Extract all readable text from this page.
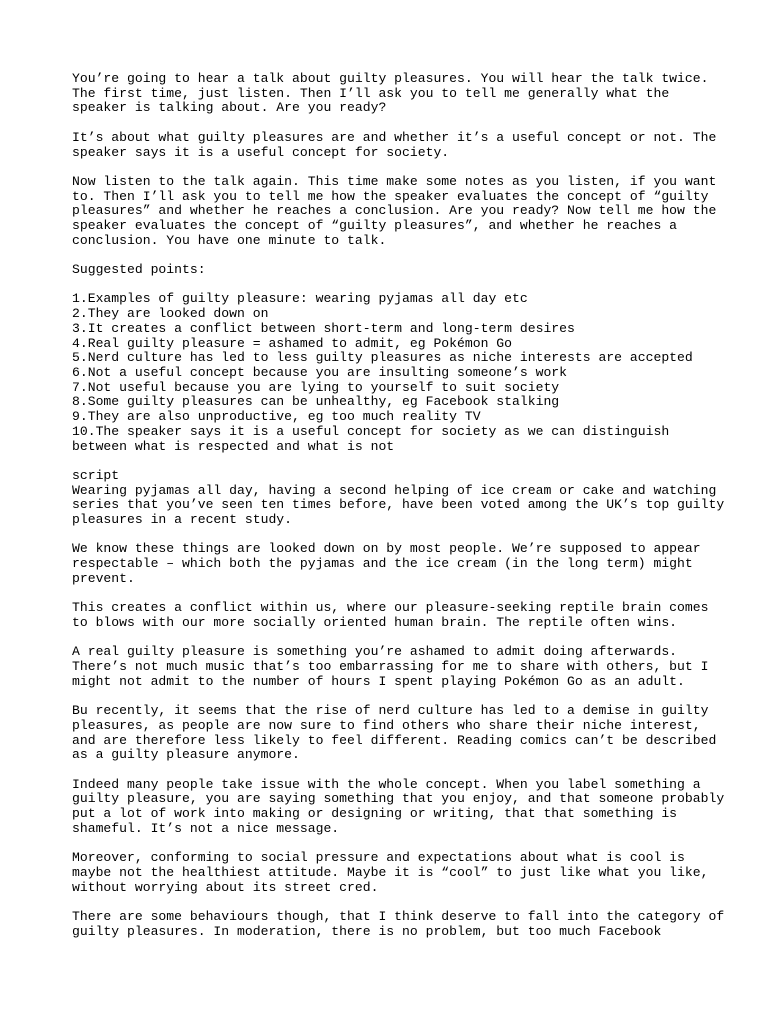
You’re going to hear a talk about guilty pleasures. You will hear the talk twice.
The first time, just listen. Then I’ll ask you to tell me generally what the
speaker is talking about. Are you ready?
It’s about what guilty pleasures are and whether it’s a useful concept or not. The
speaker says it is a useful concept for society.
Now listen to the talk again. This time make some notes as you listen, if you want
to. Then I’ll ask you to tell me how the speaker evaluates the concept of “guilty
pleasures” and whether he reaches a conclusion. Are you ready? Now tell me how the
speaker evaluates the concept of “guilty pleasures”, and whether he reaches a
conclusion. You have one minute to talk.
Suggested points:
1.Examples of guilty pleasure: wearing pyjamas all day etc
2.They are looked down on
3.It creates a conflict between short-term and long-term desires
4.Real guilty pleasure = ashamed to admit, eg Pokémon Go
5.Nerd culture has led to less guilty pleasures as niche interests are accepted
6.Not a useful concept because you are insulting someone’s work
7.Not useful because you are lying to yourself to suit society
8.Some guilty pleasures can be unhealthy, eg Facebook stalking
9.They are also unproductive, eg too much reality TV
10.The speaker says it is a useful concept for society as we can distinguish
between what is respected and what is not
script
Wearing pyjamas all day, having a second helping of ice cream or cake and watching
series that you’ve seen ten times before, have been voted among the UK’s top guilty
pleasures in a recent study.
We know these things are looked down on by most people. We’re supposed to appear
respectable – which both the pyjamas and the ice cream (in the long term) might
prevent.
This creates a conflict within us, where our pleasure-seeking reptile brain comes
to blows with our more socially oriented human brain. The reptile often wins.
A real guilty pleasure is something you’re ashamed to admit doing afterwards.
There’s not much music that’s too embarrassing for me to share with others, but I
might not admit to the number of hours I spent playing Pokémon Go as an adult.
Bu recently, it seems that the rise of nerd culture has led to a demise in guilty
pleasures, as people are now sure to find others who share their niche interest,
and are therefore less likely to feel different. Reading comics can’t be described
as a guilty pleasure anymore.
Indeed many people take issue with the whole concept. When you label something a
guilty pleasure, you are saying something that you enjoy, and that someone probably
put a lot of work into making or designing or writing, that that something is
shameful. It’s not a nice message.
Moreover, conforming to social pressure and expectations about what is cool is
maybe not the healthiest attitude. Maybe it is “cool” to just like what you like,
without worrying about its street cred.
There are some behaviours though, that I think deserve to fall into the category of
guilty pleasures. In moderation, there is no problem, but too much Facebook
